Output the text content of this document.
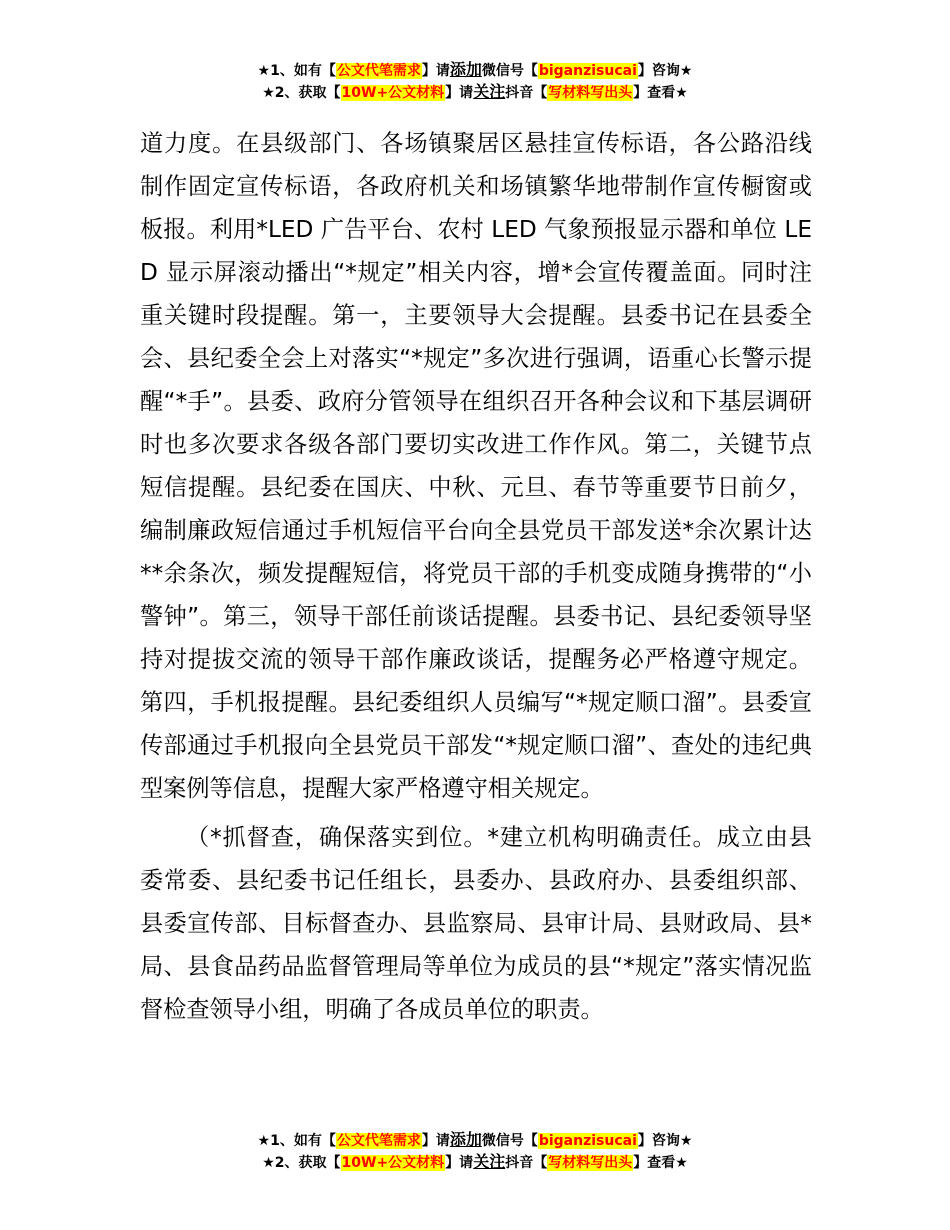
★1、如有【公文代笔需求】请添加微信号【biganzisucai】咨询★
★2、获取【10W+公文材料】请关注抖音【写材料写出头】查看★

道力度。在县级部门、各场镇聚居区悬挂宣传标语，各公路沿线制作固定宣传标语，各政府机关和场镇繁华地带制作宣传橱窗或板报。利用*LED 广告平台、农村 LED 气象预报显示器和单位 LED 显示屏滚动播出“*规定”相关内容，增*会宣传覆盖面。同时注重关键时段提醒。第一，主要领导大会提醒。县委书记在县委全会、县纪委全会上对落实“*规定”多次进行强调，语重心长警示提醒“*手”。县委、政府分管领导在组织召开各种会议和下基层调研时也多次要求各级各部门要切实改进工作作风。第二，关键节点短信提醒。县纪委在国庆、中秋、元旦、春节等重要节日前夕，编制廉政短信通过手机短信平台向全县党员干部发送*余次累计达**余条次，频发提醒短信，将党员干部的手机变成随身携带的“小警钟”。第三，领导干部任前谈话提醒。县委书记、县纪委领导坚持对提拔交流的领导干部作廉政谈话，提醒务必严格遵守规定。第四，手机报提醒。县纪委组织人员编写“*规定顺口溜”。县委宣传部通过手机报向全县党员干部发“*规定顺口溜”、查处的违纪典型案例等信息，提醒大家严格遵守相关规定。

（*抓督查，确保落实到位。*建立机构明确责任。成立由县委常委、县纪委书记任组长，县委办、县政府办、县委组织部、县委宣传部、目标督查办、县监察局、县审计局、县财政局、县*局、县食品药品监督管理局等单位为成员的县“*规定”落实情况监督检查领导小组，明确了各成员单位的职责。

★1、如有【公文代笔需求】请添加微信号【biganzisucai】咨询★
★2、获取【10W+公文材料】请关注抖音【写材料写出头】查看★
